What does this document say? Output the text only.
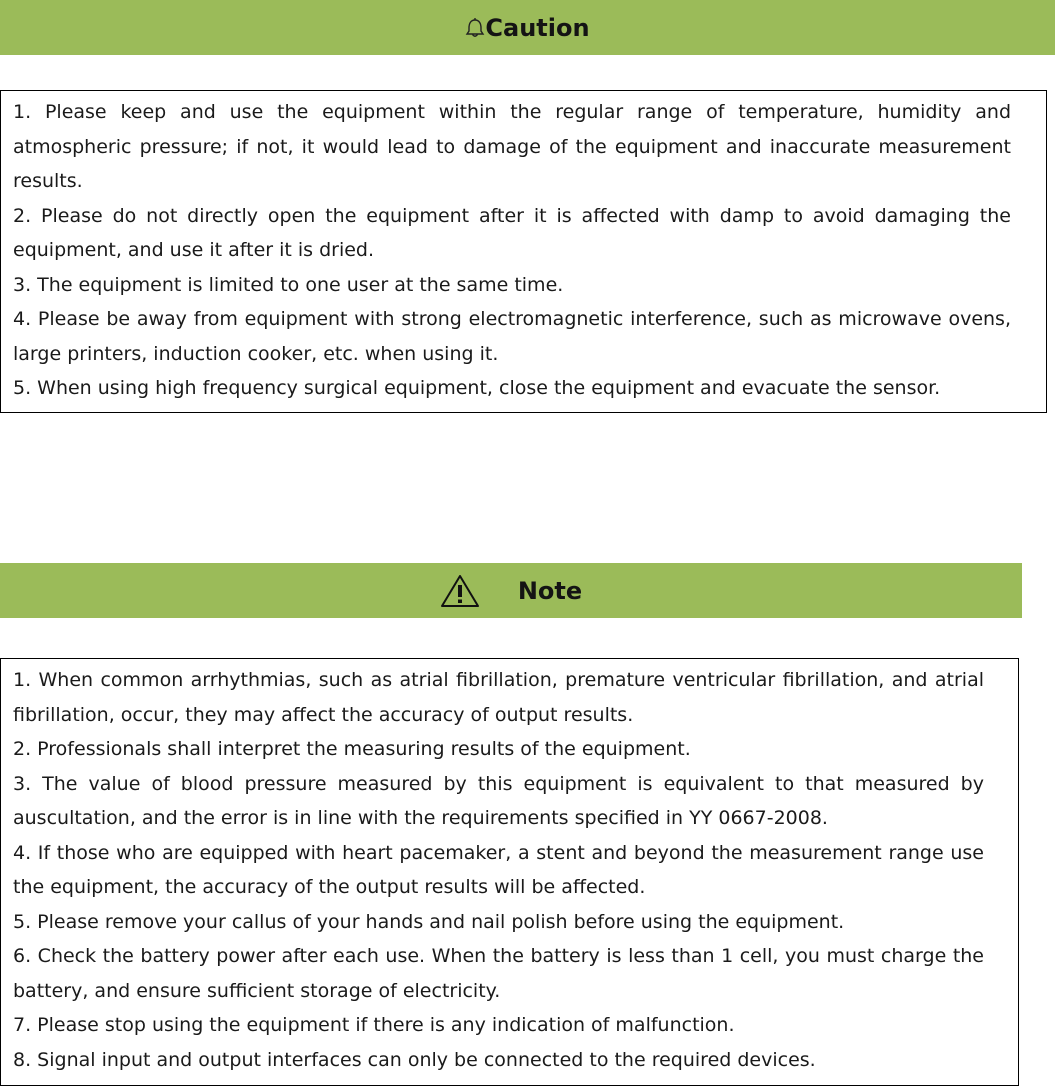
Caution

1. Please keep and use the equipment within the regular range of temperature, humidity and atmospheric pressure; if not, it would lead to damage of the equipment and inaccurate measurement results.

2. Please do not directly open the equipment after it is affected with damp to avoid damaging the equipment, and use it after it is dried.

3. The equipment is limited to one user at the same time.

4. Please be away from equipment with strong electromagnetic interference, such as microwave ovens, large printers, induction cooker, etc. when using it.

5. When using high frequency surgical equipment, close the equipment and evacuate the sensor.

Note

1. When common arrhythmias, such as atrial fibrillation, premature ventricular fibrillation, and atrial fibrillation, occur, they may affect the accuracy of output results.

2. Professionals shall interpret the measuring results of the equipment.

3. The value of blood pressure measured by this equipment is equivalent to that measured by auscultation, and the error is in line with the requirements specified in YY 0667-2008.

4. If those who are equipped with heart pacemaker, a stent and beyond the measurement range use the equipment, the accuracy of the output results will be affected.

5. Please remove your callus of your hands and nail polish before using the equipment.

6. Check the battery power after each use. When the battery is less than 1 cell, you must charge the battery, and ensure sufficient storage of electricity.

7. Please stop using the equipment if there is any indication of malfunction.

8. Signal input and output interfaces can only be connected to the required devices.
